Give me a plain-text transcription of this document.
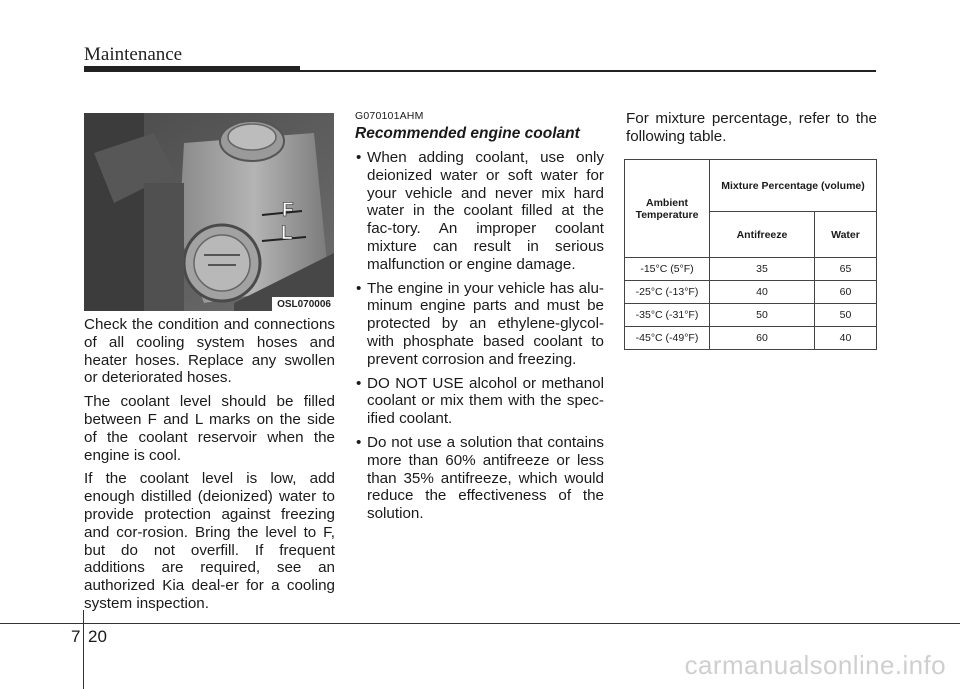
Maintenance
F
L
OSL070006

Check the condition and connections of all cooling system hoses and heater hoses. Replace any swollen or deteriorated hoses.

The coolant level should be filled between F and L marks on the side of the coolant reservoir when the engine is cool.

If the coolant level is low, add enough distilled (deionized) water to provide protection against freezing and cor-rosion. Bring the level to F, but do not overfill. If frequent additions are required, see an authorized Kia deal-er for a cooling system inspection.

G070101AHM
Recommended engine coolant
• When adding coolant, use only deionized water or soft water for your vehicle and never mix hard water in the coolant filled at the fac-tory. An improper coolant mixture can result in serious malfunction or engine damage.
• The engine in your vehicle has alu-minum engine parts and must be protected by an ethylene-glycol-with phosphate based coolant to prevent corrosion and freezing.
• DO NOT USE alcohol or methanol coolant or mix them with the spec-ified coolant.
• Do not use a solution that contains more than 60% antifreeze or less than 35% antifreeze, which would reduce the effectiveness of the solution.

For mixture percentage, refer to the following table.

Ambient Temperature	Mixture Percentage (volume)	
	Antifreeze	Water
-15°C (5°F)	35	65
-25°C (-13°F)	40	60
-35°C (-31°F)	50	50
-45°C (-49°F)	60	40
7 20
carmanualsonline.info
